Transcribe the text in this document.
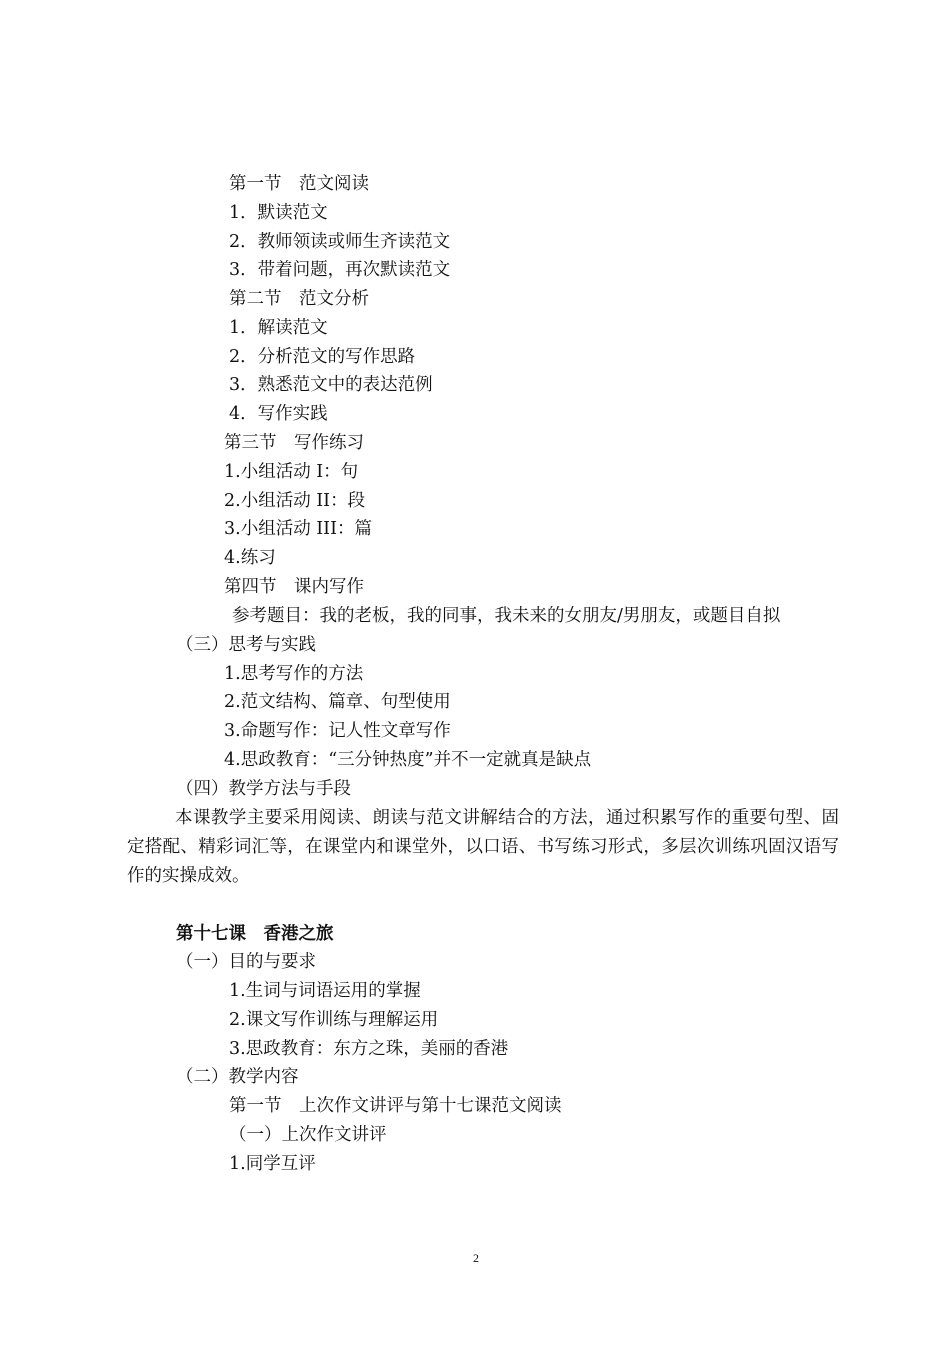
第一节　范文阅读
1．默读范文
2．教师领读或师生齐读范文
3．带着问题，再次默读范文
第二节　范文分析
1．解读范文
2．分析范文的写作思路
3．熟悉范文中的表达范例
4．写作实践
第三节　写作练习
1.小组活动 I：句
2.小组活动 II：段
3.小组活动 III：篇
4.练习
第四节　课内写作
参考题目：我的老板，我的同事，我未来的女朋友/男朋友，或题目自拟
（三）思考与实践
1.思考写作的方法
2.范文结构、篇章、句型使用
3.命题写作：记人性文章写作
4.思政教育：“三分钟热度”并不一定就真是缺点
（四）教学方法与手段
本课教学主要采用阅读、朗读与范文讲解结合的方法，通过积累写作的重要句型、固定搭配、精彩词汇等，在课堂内和课堂外，以口语、书写练习形式，多层次训练巩固汉语写作的实操成效。
第十七课　香港之旅
（一）目的与要求
1.生词与词语运用的掌握
2.课文写作训练与理解运用
3.思政教育：东方之珠，美丽的香港
（二）教学内容
第一节　上次作文讲评与第十七课范文阅读
（一）上次作文讲评
1.同学互评
2
